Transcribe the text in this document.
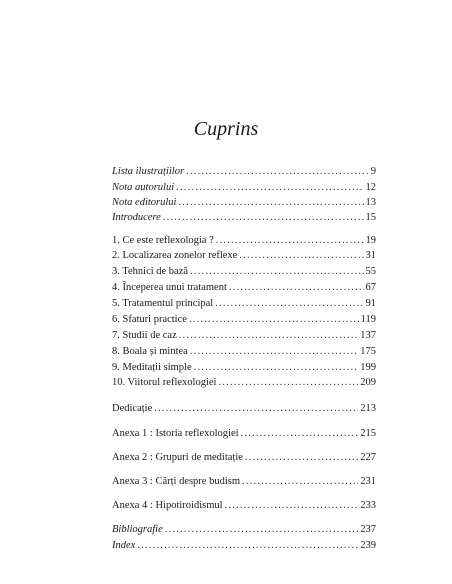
Cuprins
Lista ilustrațiilor .....	9
Nota autorului .....	12
Nota editorului .....	13
Introducere .....	15
1. Ce este reflexologia ? .....	19
2. Localizarea zonelor reflexe .....	31
3. Tehnici de bază .....	55
4. Începerea unui tratament .....	67
5. Tratamentul principal .....	91
6. Sfaturi practice .....	119
7. Studii de caz .....	137
8. Boala și mintea .....	175
9. Meditații simple .....	199
10. Viitorul reflexologiei .....	209
Dedicație .....	213
Anexa 1 : Istoria reflexologiei .....	215
Anexa 2 : Grupuri de meditație .....	227
Anexa 3 : Cărți despre budism .....	231
Anexa 4 : Hipotiroidismul .....	233
Bibliografie .....	237
Index .....	239
